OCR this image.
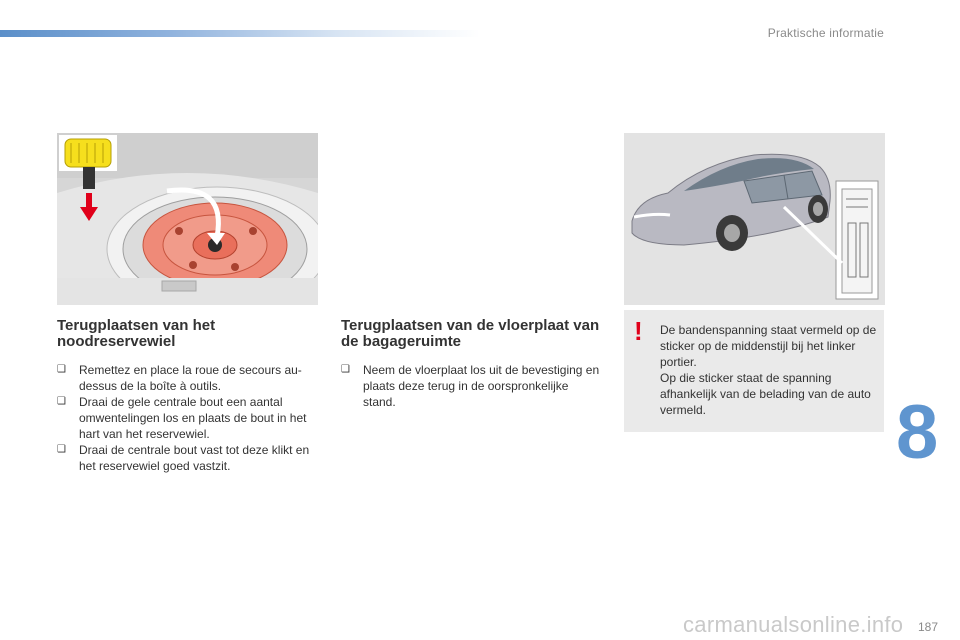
Praktische informatie
Terugplaatsen van het noodreservewiel
❑ Remettez en place la roue de secours au-dessus de la boîte à outils.
❑ Draai de gele centrale bout een aantal omwentelingen los en plaats de bout in het hart van het reservewiel.
❑ Draai de centrale bout vast tot deze klikt en het reservewiel goed vastzit.
Terugplaatsen van de vloerplaat van de bagageruimte
❑ Neem de vloerplaat los uit de bevestiging en plaats deze terug in de oorspronkelijke stand.
! De bandenspanning staat vermeld op de sticker op de middenstijl bij het linker portier.

Op die sticker staat de spanning afhankelijk van de belading van de auto vermeld.	8
carmanualsonline.info 187
